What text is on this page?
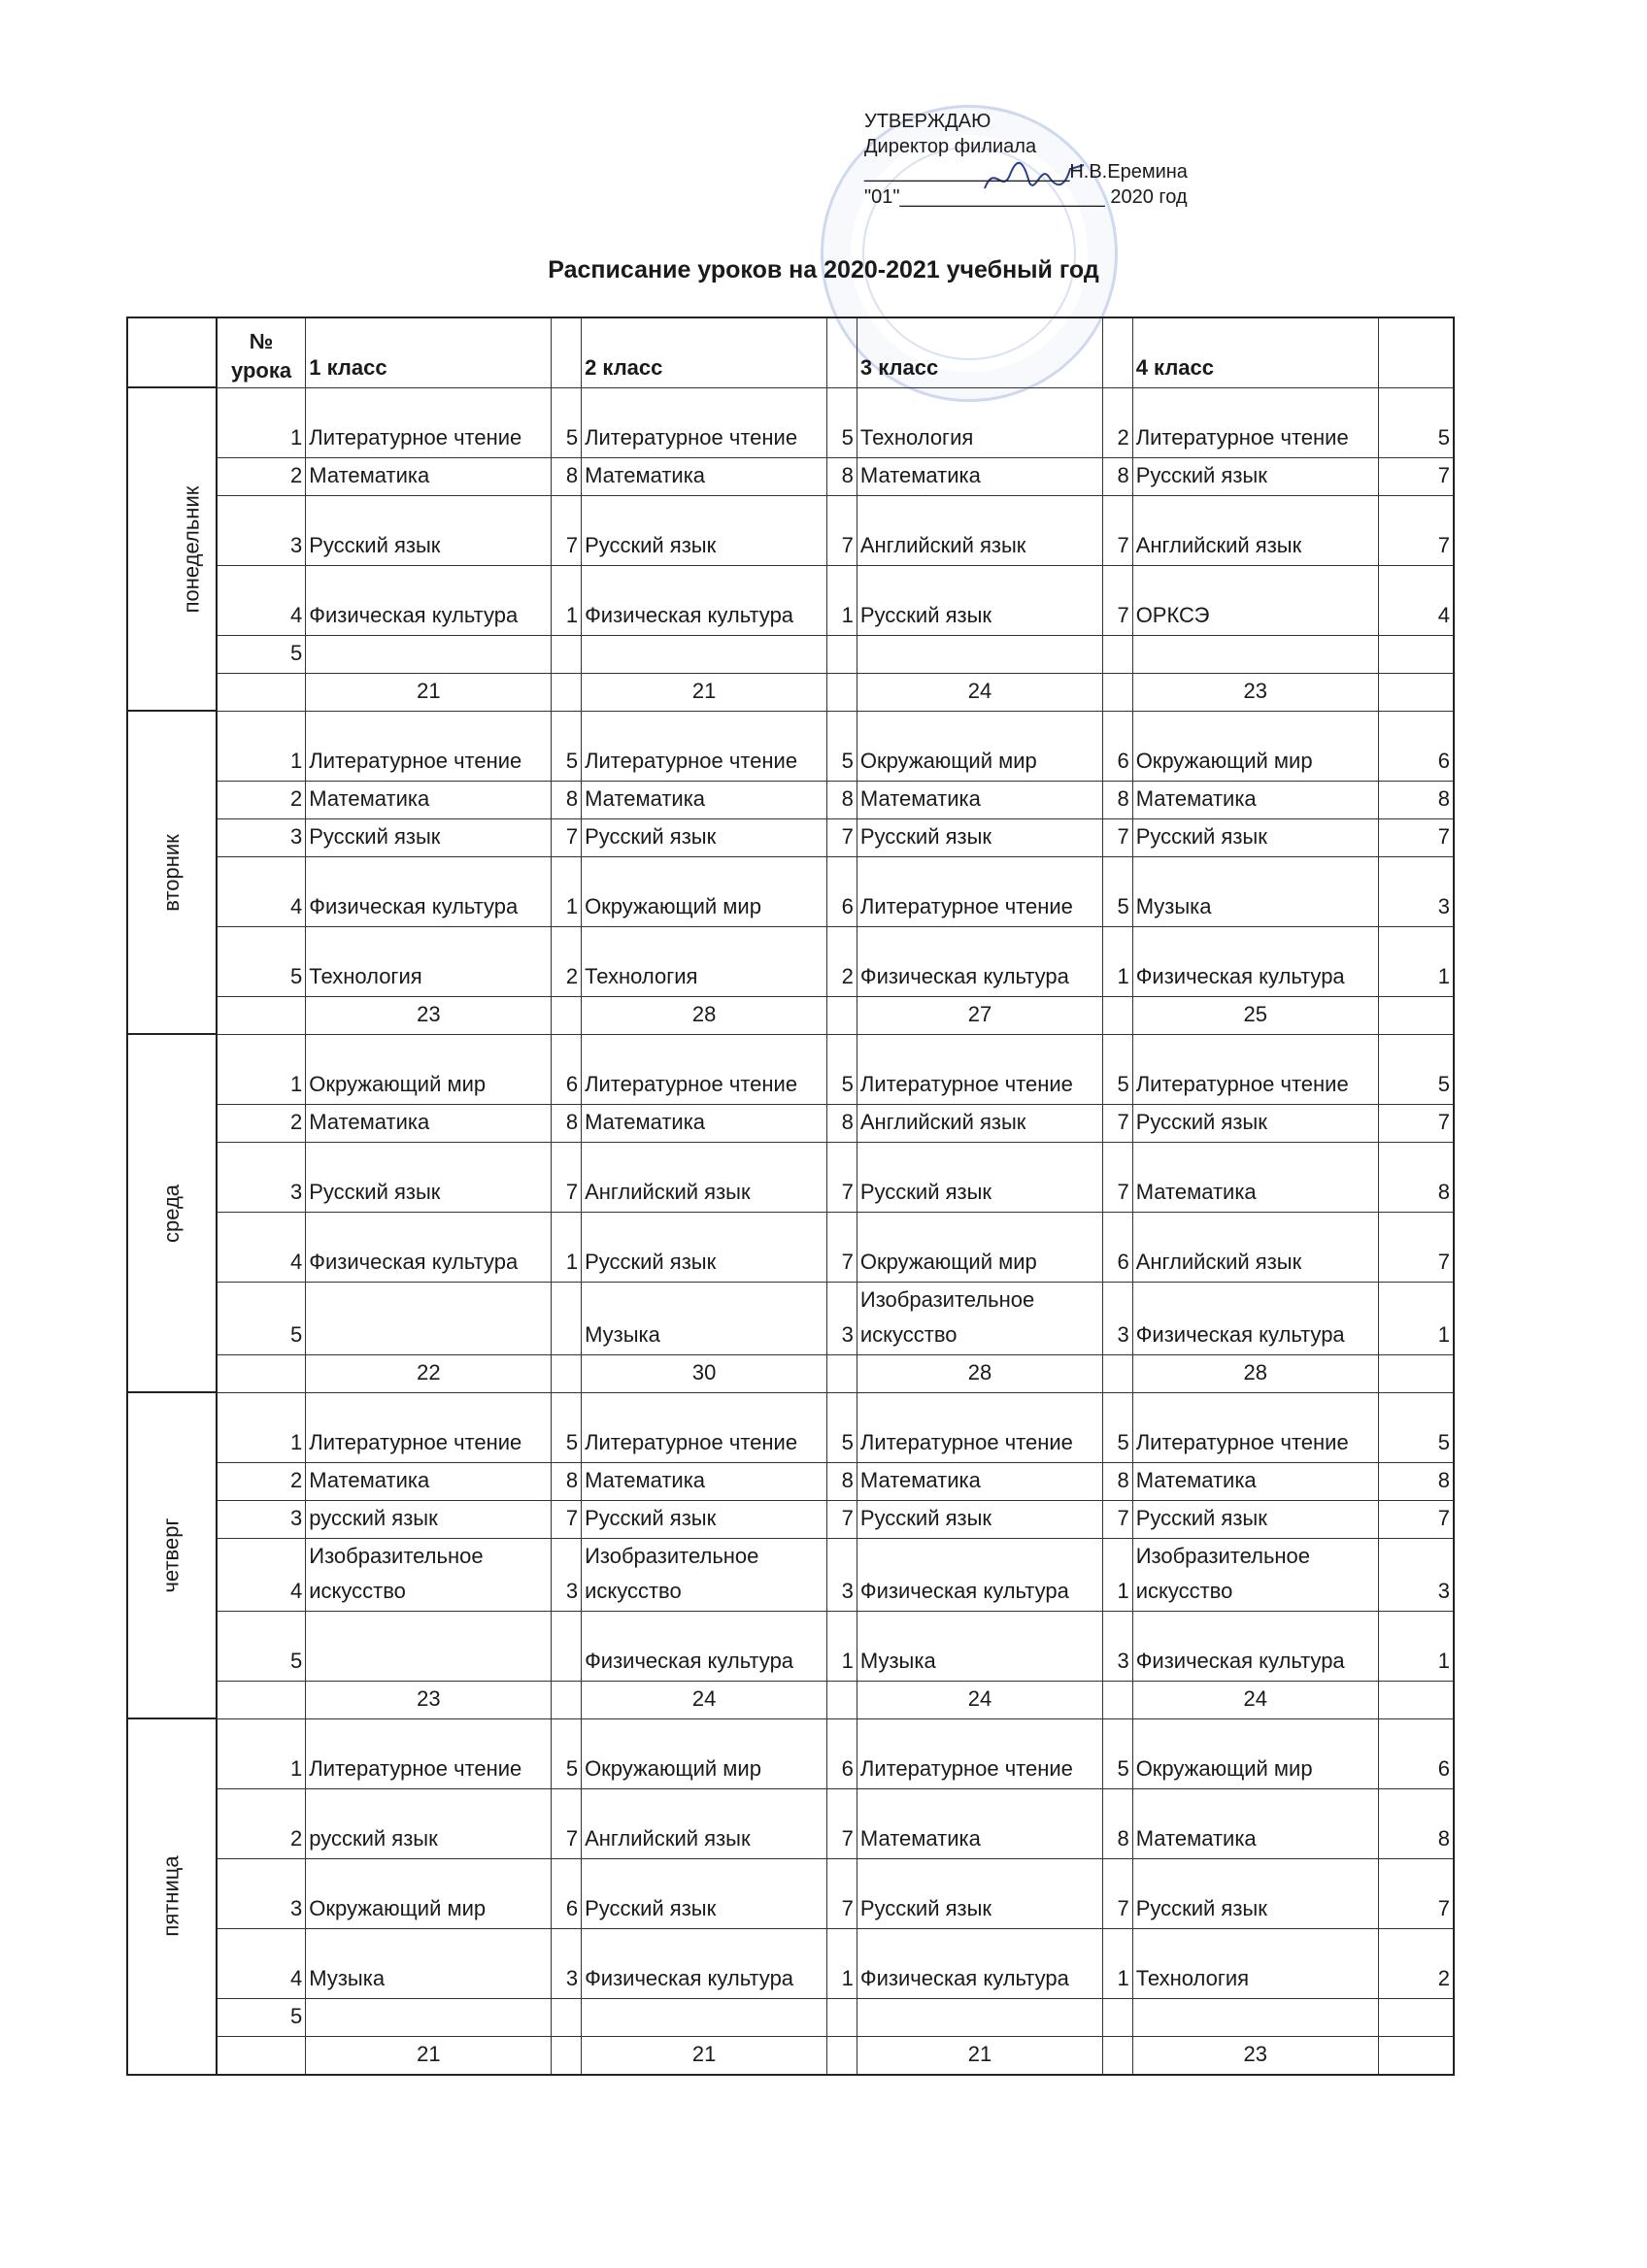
УТВЕРЖДАЮ
Директор филиала
___________________Н.В.Еремина
"01"___________________ 2020 год
Расписание уроков на 2020-2021 учебный год
	№ урока	1 класс		2 класс		3 класс		4 класс	
понедельник	1	Литературное чтение	5	Литературное чтение	5	Технология	2	Литературное чтение	5
	2	Математика	8	Математика	8	Математика	8	Русский язык	7
	3	Русский язык	7	Русский язык	7	Английский язык	7	Английский язык	7
	4	Физическая культура	1	Физическая культура	1	Русский язык	7	ОРКСЭ	4
	5								
		21		21		24		23	
вторник	1	Литературное чтение	5	Литературное чтение	5	Окружающий мир	6	Окружающий мир	6
	2	Математика	8	Математика	8	Математика	8	Математика	8
	3	Русский язык	7	Русский язык	7	Русский язык	7	Русский язык	7
	4	Физическая культура	1	Окружающий мир	6	Литературное чтение	5	Музыка	3
	5	Технология	2	Технология	2	Физическая культура	1	Физическая культура	1
		23		28		27		25	
среда	1	Окружающий мир	6	Литературное чтение	5	Литературное чтение	5	Литературное чтение	5
	2	Математика	8	Математика	8	Английский язык	7	Русский язык	7
	3	Русский язык	7	Английский язык	7	Русский язык	7	Математика	8
	4	Физическая культура	1	Русский язык	7	Окружающий мир	6	Английский язык	7
	5			Музыка	3	Изобразительное искусство	3	Физическая культура	1
		22		30		28		28	
четверг	1	Литературное чтение	5	Литературное чтение	5	Литературное чтение	5	Литературное чтение	5
	2	Математика	8	Математика	8	Математика	8	Математика	8
	3	русский язык	7	Русский язык	7	Русский язык	7	Русский язык	7
	4	Изобразительное искусство	3	Изобразительное искусство	3	Физическая культура	1	Изобразительное искусство	3
	5			Физическая культура	1	Музыка	3	Физическая культура	1
		23		24		24		24	
пятница	1	Литературное чтение	5	Окружающий мир	6	Литературное чтение	5	Окружающий мир	6
	2	русский язык	7	Английский язык	7	Математика	8	Математика	8
	3	Окружающий мир	6	Русский язык	7	Русский язык	7	Русский язык	7
	4	Музыка	3	Физическая культура	1	Физическая культура	1	Технология	2
	5								
		21		21		21		23	
